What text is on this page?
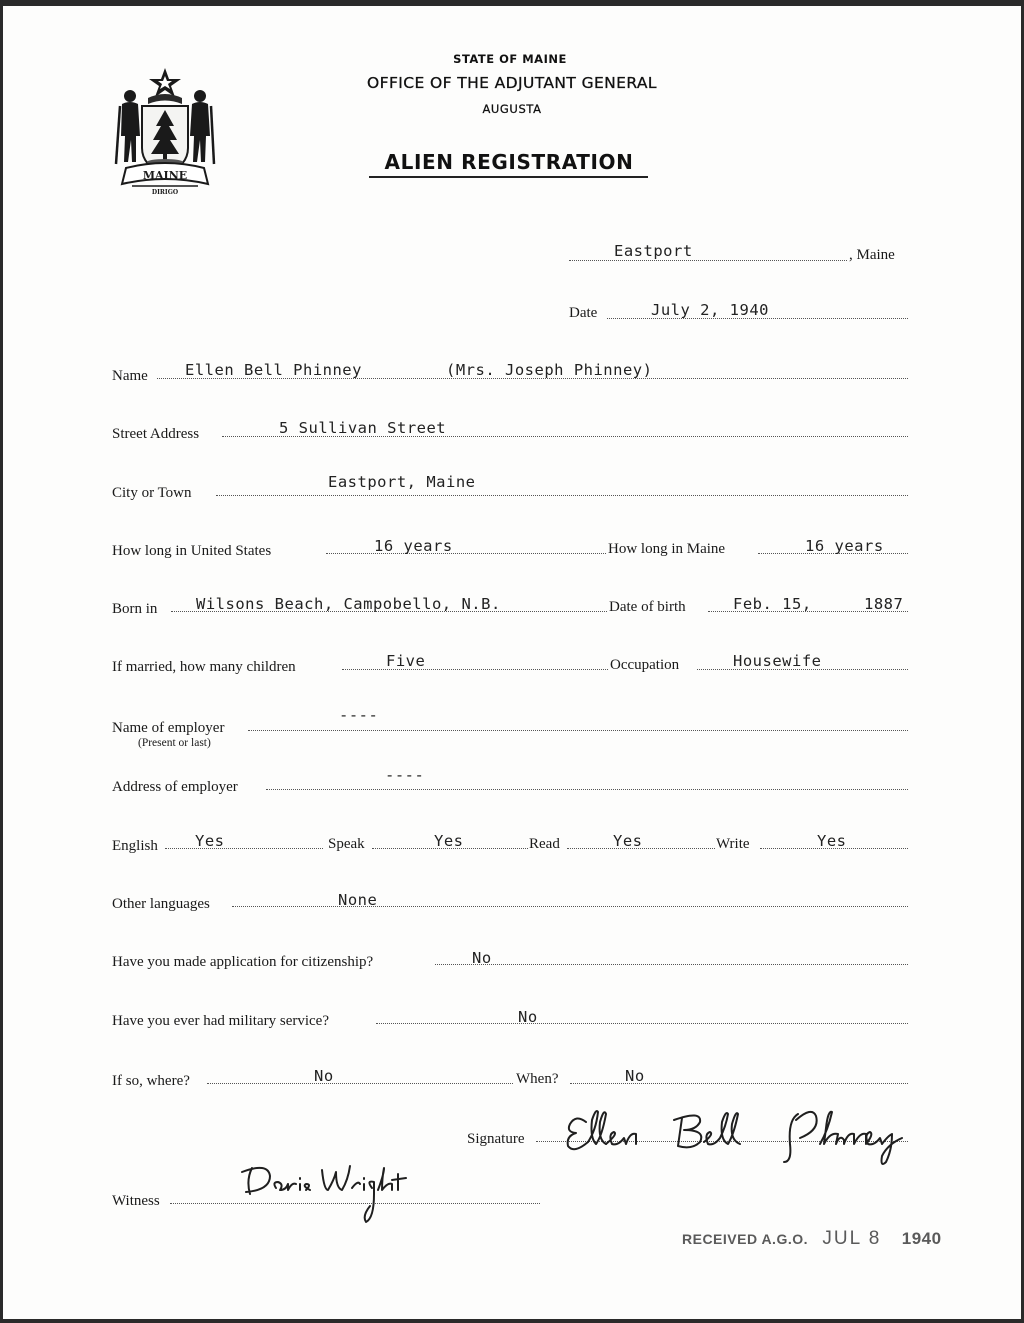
MAINE
DIRIGO
STATE OF MAINE
OFFICE OF THE ADJUTANT GENERAL
AUGUSTA
ALIEN REGISTRATION
Eastport	, Maine
Date	July 2, 1940
Name Ellen Bell Phinney	(Mrs. Joseph Phinney)
Street Address	5 Sullivan Street
City or Town
Eastport, Maine
How long in United States	16 years	How long in Maine	16 years
Born in Wilsons Beach, Campobello, N.B.	Date of birth	Feb. 15,	1887
If married, how many children	Five	Occupation	Housewife
Name of employer
(Present or last)
----
Address of employer
----
English Yes	Speak	Yes	Read	Yes	Write	Yes
Other languages	None
Have you made application for citizenship?	No
Have you ever had military service?	No
If so, where?	No	When?	No
Signature
Witness
RECEIVED A.G.O. JUL 8 1940
